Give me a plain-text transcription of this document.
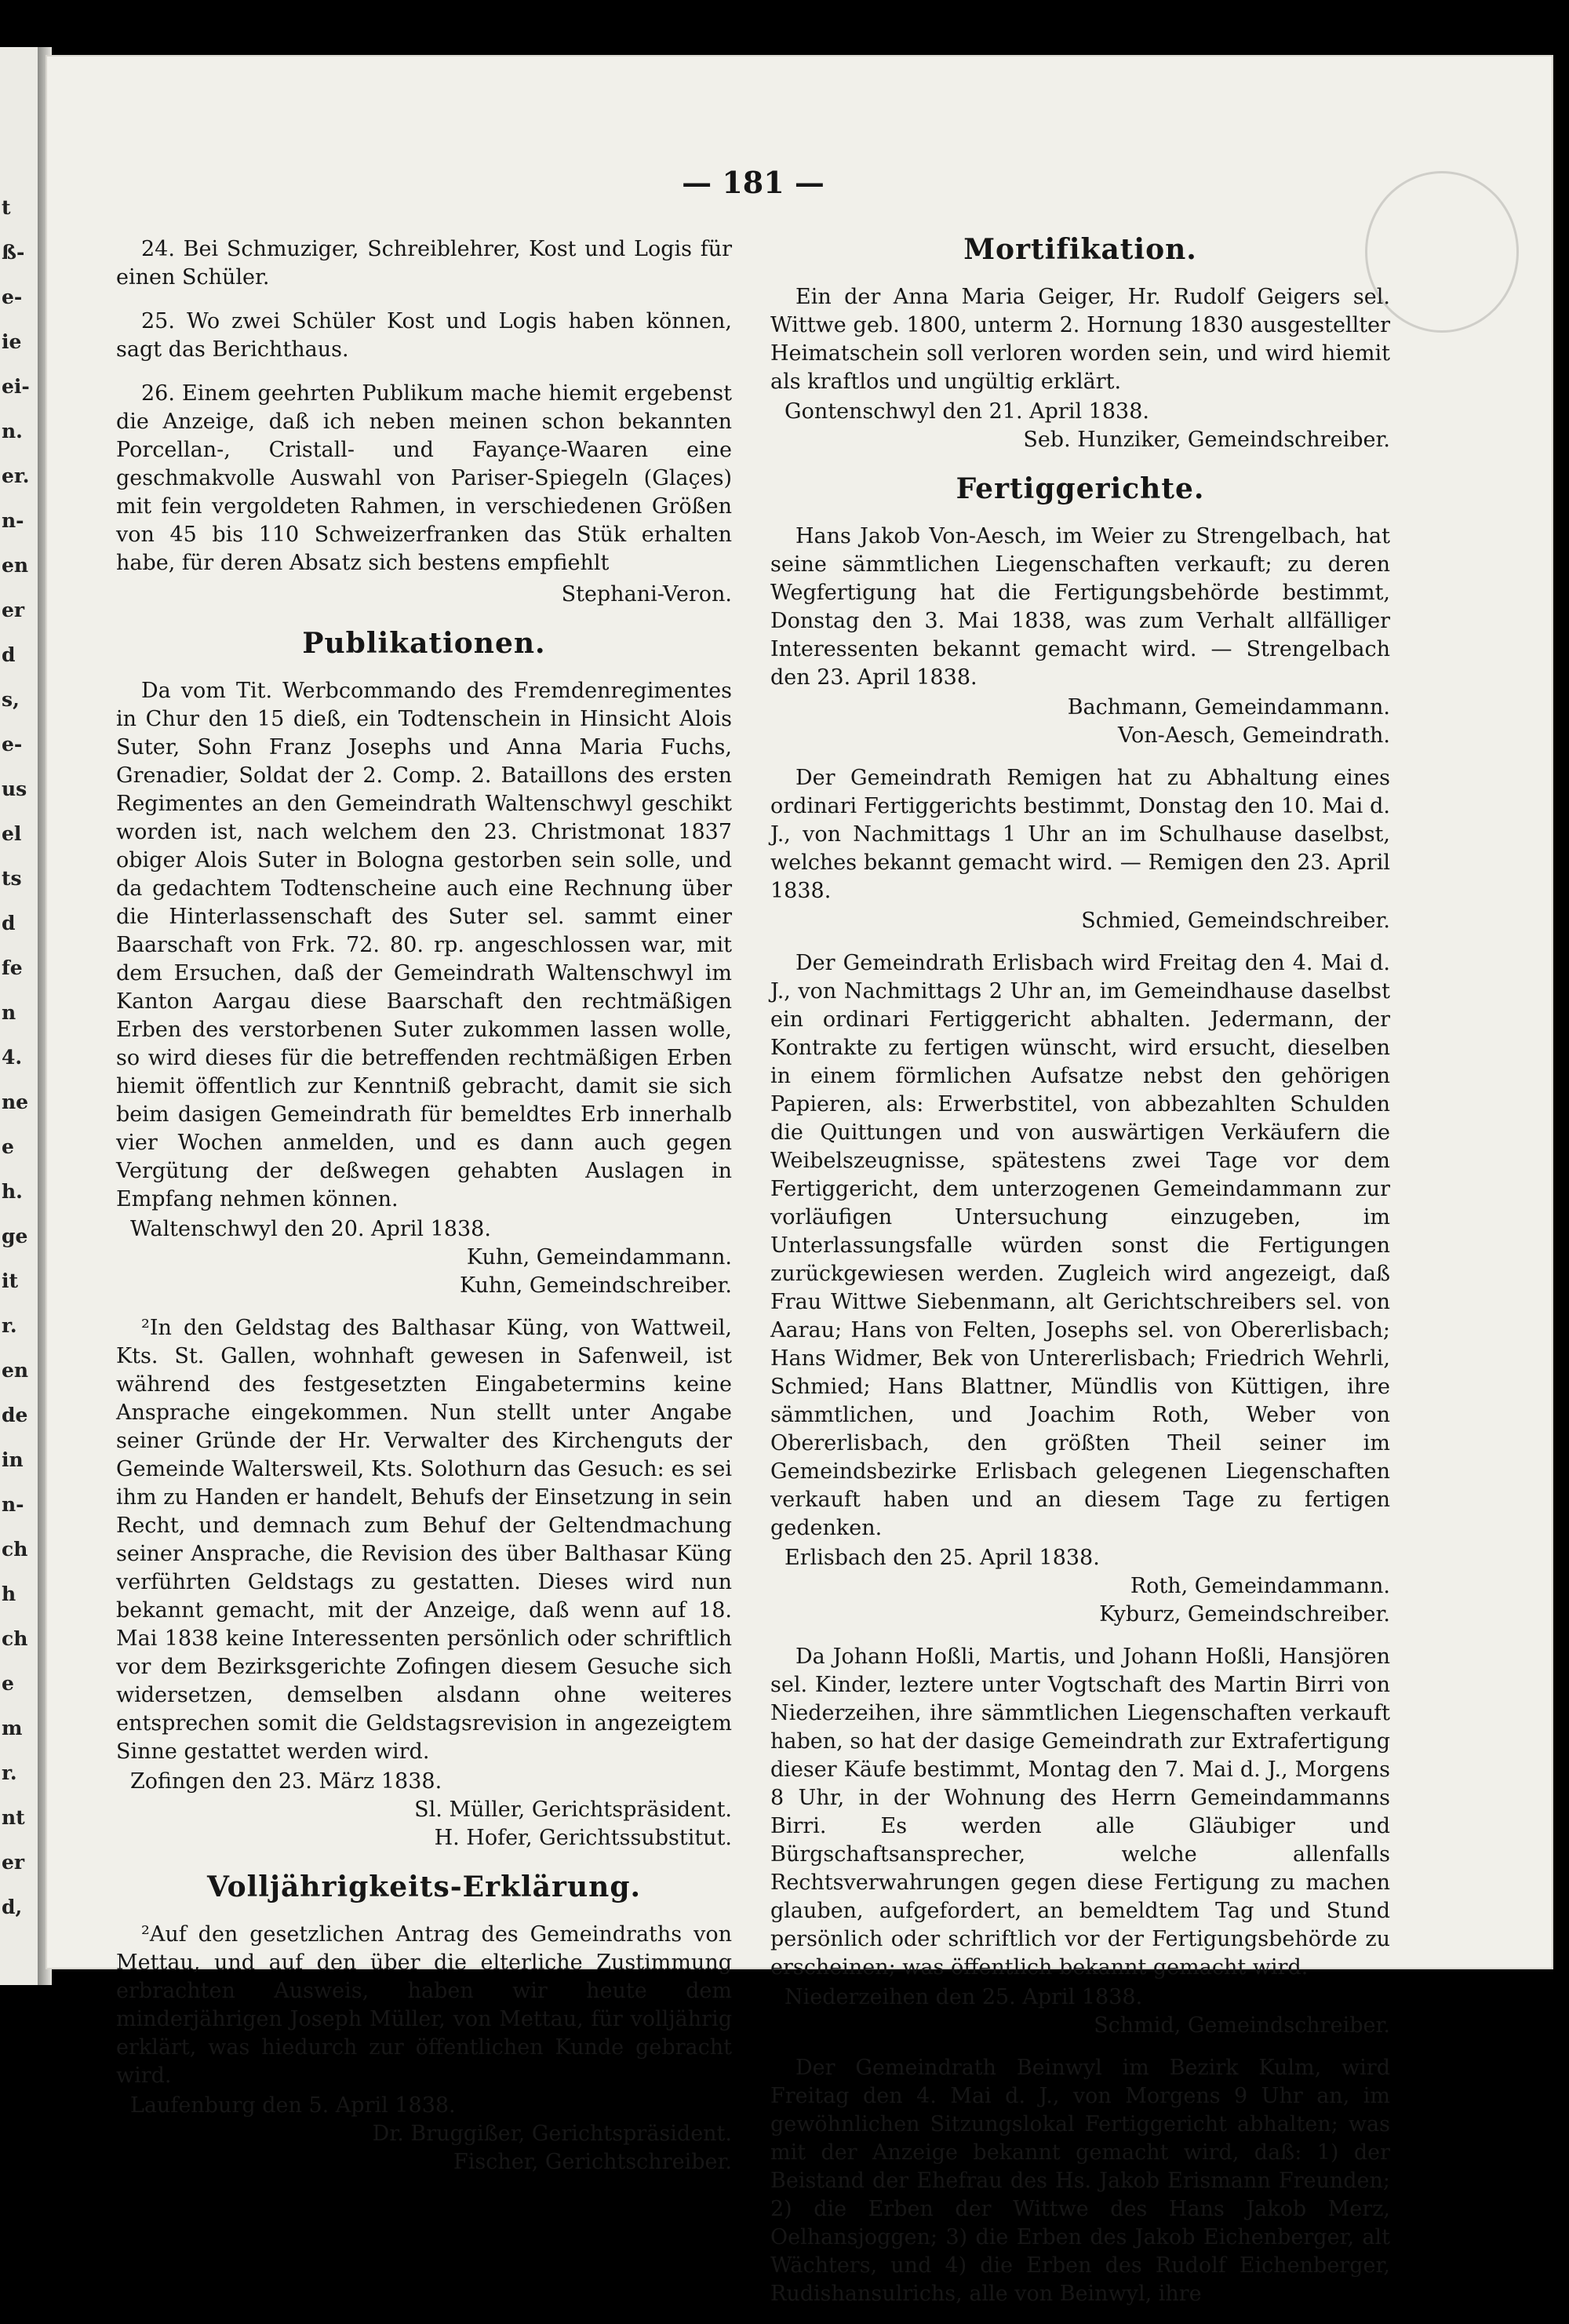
t
ß-
e-
ie
ei-
n.
er.
n-
en
er
d
s,
e-
us
el
ts
d
fe
n
4.
ne
e
h.
ge
it
r.
en
de
in
n-
ch
h
ch
e
m
r.
nt
er
d,
— 181 —

24. Bei Schmuziger, Schreiblehrer, Kost und Logis für einen Schüler.

25. Wo zwei Schüler Kost und Logis haben können, sagt das Berichthaus.

26. Einem geehrten Publikum mache hiemit ergebenst die Anzeige, daß ich neben meinen schon bekannten Porcellan-, Cristall- und Fayançe-Waaren eine geschmakvolle Auswahl von Pariser-Spiegeln (Glaçes) mit fein vergoldeten Rahmen, in verschiedenen Größen von 45 bis 110 Schweizerfranken das Stük erhalten habe, für deren Absatz sich bestens empfiehlt

Stephani-Veron.

Publikationen.

Da vom Tit. Werbcommando des Fremdenregimentes in Chur den 15 dieß, ein Todtenschein in Hinsicht Alois Suter, Sohn Franz Josephs und Anna Maria Fuchs, Grenadier, Soldat der 2. Comp. 2. Bataillons des ersten Regimentes an den Gemeindrath Waltenschwyl geschikt worden ist, nach welchem den 23. Christmonat 1837 obiger Alois Suter in Bologna gestorben sein solle, und da gedachtem Todtenscheine auch eine Rechnung über die Hinterlassenschaft des Suter sel. sammt einer Baarschaft von Frk. 72. 80. rp. angeschlossen war, mit dem Ersuchen, daß der Gemeindrath Waltenschwyl im Kanton Aargau diese Baarschaft den rechtmäßigen Erben des verstorbenen Suter zukommen lassen wolle, so wird dieses für die betreffenden rechtmäßigen Erben hiemit öffentlich zur Kenntniß gebracht, damit sie sich beim dasigen Gemeindrath für bemeldtes Erb innerhalb vier Wochen anmelden, und es dann auch gegen Vergütung der deßwegen gehabten Auslagen in Empfang nehmen können.

Waltenschwyl den 20. April 1838.

Kuhn, Gemeindammann.

Kuhn, Gemeindschreiber.

²In den Geldstag des Balthasar Küng, von Wattweil, Kts. St. Gallen, wohnhaft gewesen in Safenweil, ist während des festgesetzten Eingabetermins keine Ansprache eingekommen. Nun stellt unter Angabe seiner Gründe der Hr. Verwalter des Kirchenguts der Gemeinde Waltersweil, Kts. Solothurn das Gesuch: es sei ihm zu Handen er handelt, Behufs der Einsetzung in sein Recht, und demnach zum Behuf der Geltendmachung seiner Ansprache, die Revision des über Balthasar Küng verführten Geldstags zu gestatten. Dieses wird nun bekannt gemacht, mit der Anzeige, daß wenn auf 18. Mai 1838 keine Interessenten persönlich oder schriftlich vor dem Bezirksgerichte Zofingen diesem Gesuche sich widersetzen, demselben alsdann ohne weiteres entsprechen somit die Geldstagsrevision in angezeigtem Sinne gestattet werden wird.

Zofingen den 23. März 1838.

Sl. Müller, Gerichtspräsident.

H. Hofer, Gerichtssubstitut.

Volljährigkeits-Erklärung.

²Auf den gesetzlichen Antrag des Gemeindraths von Mettau, und auf den über die elterliche Zustimmung erbrachten Ausweis, haben wir heute dem minderjährigen Joseph Müller, von Mettau, für volljährig erklärt, was hiedurch zur öffentlichen Kunde gebracht wird.

Laufenburg den 5. April 1838.

Dr. Bruggißer, Gerichtspräsident.

Fischer, Gerichtschreiber.

Mortifikation.

Ein der Anna Maria Geiger, Hr. Rudolf Geigers sel. Wittwe geb. 1800, unterm 2. Hornung 1830 ausgestellter Heimatschein soll verloren worden sein, und wird hiemit als kraftlos und ungültig erklärt.

Gontenschwyl den 21. April 1838.

Seb. Hunziker, Gemeindschreiber.

Fertiggerichte.

Hans Jakob Von-Aesch, im Weier zu Strengelbach, hat seine sämmtlichen Liegenschaften verkauft; zu deren Wegfertigung hat die Fertigungsbehörde bestimmt, Donstag den 3. Mai 1838, was zum Verhalt allfälliger Interessenten bekannt gemacht wird. — Strengelbach den 23. April 1838.

Bachmann, Gemeindammann.

Von-Aesch, Gemeindrath.

Der Gemeindrath Remigen hat zu Abhaltung eines ordinari Fertiggerichts bestimmt, Donstag den 10. Mai d. J., von Nachmittags 1 Uhr an im Schulhause daselbst, welches bekannt gemacht wird. — Remigen den 23. April 1838.

Schmied, Gemeindschreiber.

Der Gemeindrath Erlisbach wird Freitag den 4. Mai d. J., von Nachmittags 2 Uhr an, im Gemeindhause daselbst ein ordinari Fertiggericht abhalten. Jedermann, der Kontrakte zu fertigen wünscht, wird ersucht, dieselben in einem förmlichen Aufsatze nebst den gehörigen Papieren, als: Erwerbstitel, von abbezahlten Schulden die Quittungen und von auswärtigen Verkäufern die Weibelszeugnisse, spätestens zwei Tage vor dem Fertiggericht, dem unterzogenen Gemeindammann zur vorläufigen Untersuchung einzugeben, im Unterlassungsfalle würden sonst die Fertigungen zurückgewiesen werden. Zugleich wird angezeigt, daß Frau Wittwe Siebenmann, alt Gerichtschreibers sel. von Aarau; Hans von Felten, Josephs sel. von Obererlisbach; Hans Widmer, Bek von Untererlisbach; Friedrich Wehrli, Schmied; Hans Blattner, Mündlis von Küttigen, ihre sämmtlichen, und Joachim Roth, Weber von Obererlisbach, den größten Theil seiner im Gemeindsbezirke Erlisbach gelegenen Liegenschaften verkauft haben und an diesem Tage zu fertigen gedenken.

Erlisbach den 25. April 1838.

Roth, Gemeindammann.

Kyburz, Gemeindschreiber.

Da Johann Hoßli, Martis, und Johann Hoßli, Hansjören sel. Kinder, leztere unter Vogtschaft des Martin Birri von Niederzeihen, ihre sämmtlichen Liegenschaften verkauft haben, so hat der dasige Gemeindrath zur Extrafertigung dieser Käufe bestimmt, Montag den 7. Mai d. J., Morgens 8 Uhr, in der Wohnung des Herrn Gemeindammanns Birri. Es werden alle Gläubiger und Bürgschaftsansprecher, welche allenfalls Rechtsverwahrungen gegen diese Fertigung zu machen glauben, aufgefordert, an bemeldtem Tag und Stund persönlich oder schriftlich vor der Fertigungsbehörde zu erscheinen; was öffentlich bekannt gemacht wird.

Niederzeihen den 25. April 1838.

Schmid, Gemeindschreiber.

Der Gemeindrath Beinwyl im Bezirk Kulm, wird Freitag den 4. Mai d. J., von Morgens 9 Uhr an, im gewöhnlichen Sitzungslokal Fertiggericht abhalten; was mit der Anzeige bekannt gemacht wird, daß: 1) der Beistand der Ehefrau des Hs. Jakob Erismann Freunden; 2) die Erben der Wittwe des Hans Jakob Merz, Oelhansjoggen; 3) die Erben des Jakob Eichenberger, alt Wächters, und 4) die Erben des Rudolf Eichenberger, Rudishansulrichs, alle von Beinwyl, ihre
